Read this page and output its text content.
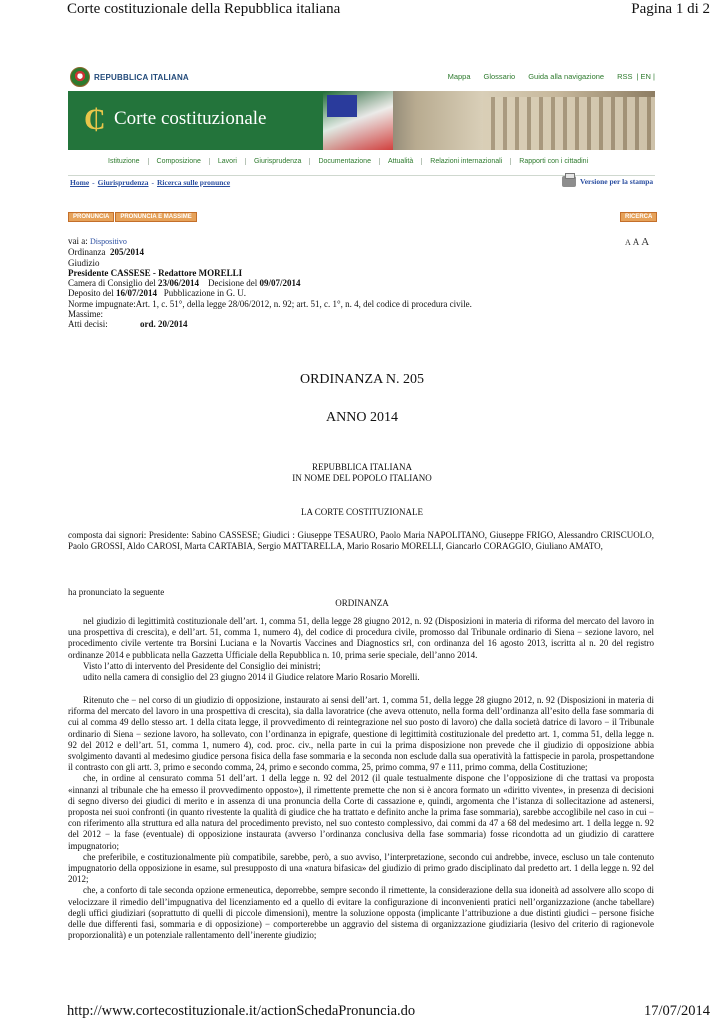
Corte costituzionale della Repubblica italiana	Pagina 1 di 2
REPUBBLICA ITALIANA	Mappa Glossario Guida alla navigazione RSS | EN |
₵ Corte costituzionale
Istituzione	Composizione	Lavori	Giurisprudenza	Documentazione	Attualità	Relazioni internazionali	Rapporti con i cittadini
Home - Giurisprudenza - Ricerca sulle pronunce	Versione per la stampa
PRONUNCIA	PRONUNCIA E MASSIME	RICERCA
A A A
vai a: Dispositivo
Ordinanza 205/2014
Giudizio
Presidente CASSESE - Redattore MORELLI
Camera di Consiglio del 23/06/2014 Decisione del 09/07/2014
Deposito del 16/07/2014 Pubblicazione in G. U.
Norme impugnate:Art. 1, c. 51°, della legge 28/06/2012, n. 92; art. 51, c. 1°, n. 4, del codice di procedura civile.
Massime:
Atti decisi:	ord. 20/2014
ORDINANZA N. 205
ANNO 2014
REPUBBLICA ITALIANA
IN NOME DEL POPOLO ITALIANO
LA CORTE COSTITUZIONALE

composta dai signori: Presidente: Sabino CASSESE; Giudici : Giuseppe TESAURO, Paolo Maria NAPOLITANO, Giuseppe FRIGO, Alessandro CRISCUOLO, Paolo GROSSI, Aldo CAROSI, Marta CARTABIA, Sergio MATTARELLA, Mario Rosario MORELLI, Giancarlo CORAGGIO, Giuliano AMATO,

ha pronunciato la seguente

ORDINANZA

nel giudizio di legittimità costituzionale dell’art. 1, comma 51, della legge 28 giugno 2012, n. 92 (Disposizioni in materia di riforma del mercato del lavoro in una prospettiva di crescita), e dell’art. 51, comma 1, numero 4), del codice di procedura civile, promosso dal Tribunale ordinario di Siena − sezione lavoro, nel procedimento civile vertente tra Borsini Luciana e la Novartis Vaccines and Diagnostics srl, con ordinanza del 16 agosto 2013, iscritta al n. 20 del registro ordinanze 2014 e pubblicata nella Gazzetta Ufficiale della Repubblica n. 10, prima serie speciale, dell’anno 2014.

Visto l’atto di intervento del Presidente del Consiglio dei ministri;

udito nella camera di consiglio del 23 giugno 2014 il Giudice relatore Mario Rosario Morelli.

Ritenuto che − nel corso di un giudizio di opposizione, instaurato ai sensi dell’art. 1, comma 51, della legge 28 giugno 2012, n. 92 (Disposizioni in materia di riforma del mercato del lavoro in una prospettiva di crescita), sia dalla lavoratrice (che aveva ottenuto, nella forma dell’ordinanza all’esito della fase sommaria di cui al comma 49 dello stesso art. 1 della citata legge, il provvedimento di reintegrazione nel suo posto di lavoro) che dalla società datrice di lavoro − il Tribunale ordinario di Siena − sezione lavoro, ha sollevato, con l’ordinanza in epigrafe, questione di legittimità costituzionale del predetto art. 1, comma 51, della legge n. 92 del 2012 e dell’art. 51, comma 1, numero 4), cod. proc. civ., nella parte in cui la prima disposizione non prevede che il giudizio di opposizione abbia svolgimento davanti al medesimo giudice persona fisica della fase sommaria e la seconda non esclude dalla sua operatività la fattispecie in parola, prospettandone il contrasto con gli artt. 3, primo e secondo comma, 24, primo e secondo comma, 25, primo comma, 97 e 111, primo comma, della Costituzione;

che, in ordine al censurato comma 51 dell’art. 1 della legge n. 92 del 2012 (il quale testualmente dispone che l’opposizione di che trattasi va proposta «innanzi al tribunale che ha emesso il provvedimento opposto»), il rimettente premette che non si è ancora formato un «diritto vivente», in presenza di decisioni di segno diverso dei giudici di merito e in assenza di una pronuncia della Corte di cassazione e, quindi, argomenta che l’istanza di sollecitazione ad astenersi, proposta nei suoi confronti (in quanto rivestente la qualità di giudice che ha trattato e definito anche la prima fase sommaria), sarebbe accoglibile nel caso in cui − con riferimento alla struttura ed alla natura del procedimento previsto, nel suo contesto complessivo, dai commi da 47 a 68 del medesimo art. 1 della legge n. 92 del 2012 − la fase (eventuale) di opposizione instaurata (avverso l’ordinanza conclusiva della fase sommaria) fosse ricondotta ad un giudizio di carattere impugnatorio;

che preferibile, e costituzionalmente più compatibile, sarebbe, però, a suo avviso, l’interpretazione, secondo cui andrebbe, invece, escluso un tale contenuto impugnatorio della opposizione in esame, sul presupposto di una «natura bifasica» del giudizio di primo grado disciplinato dal predetto art. 1 della legge n. 92 del 2012;

che, a conforto di tale seconda opzione ermeneutica, deporrebbe, sempre secondo il rimettente, la considerazione della sua idoneità ad assolvere allo scopo di velocizzare il rimedio dell’impugnativa del licenziamento ed a quello di evitare la configurazione di inconvenienti pratici nell’organizzazione (anche tabellare) degli uffici giudiziari (soprattutto di quelli di piccole dimensioni), mentre la soluzione opposta (implicante l’attribuzione a due distinti giudici – persone fisiche delle due differenti fasi, sommaria e di opposizione) − comporterebbe un aggravio del sistema di organizzazione giudiziaria (lesivo del criterio di ragionevole proporzionalità) e un potenziale rallentamento dell’inerente giudizio;

http://www.cortecostituzionale.it/actionSchedaPronuncia.do	17/07/2014
